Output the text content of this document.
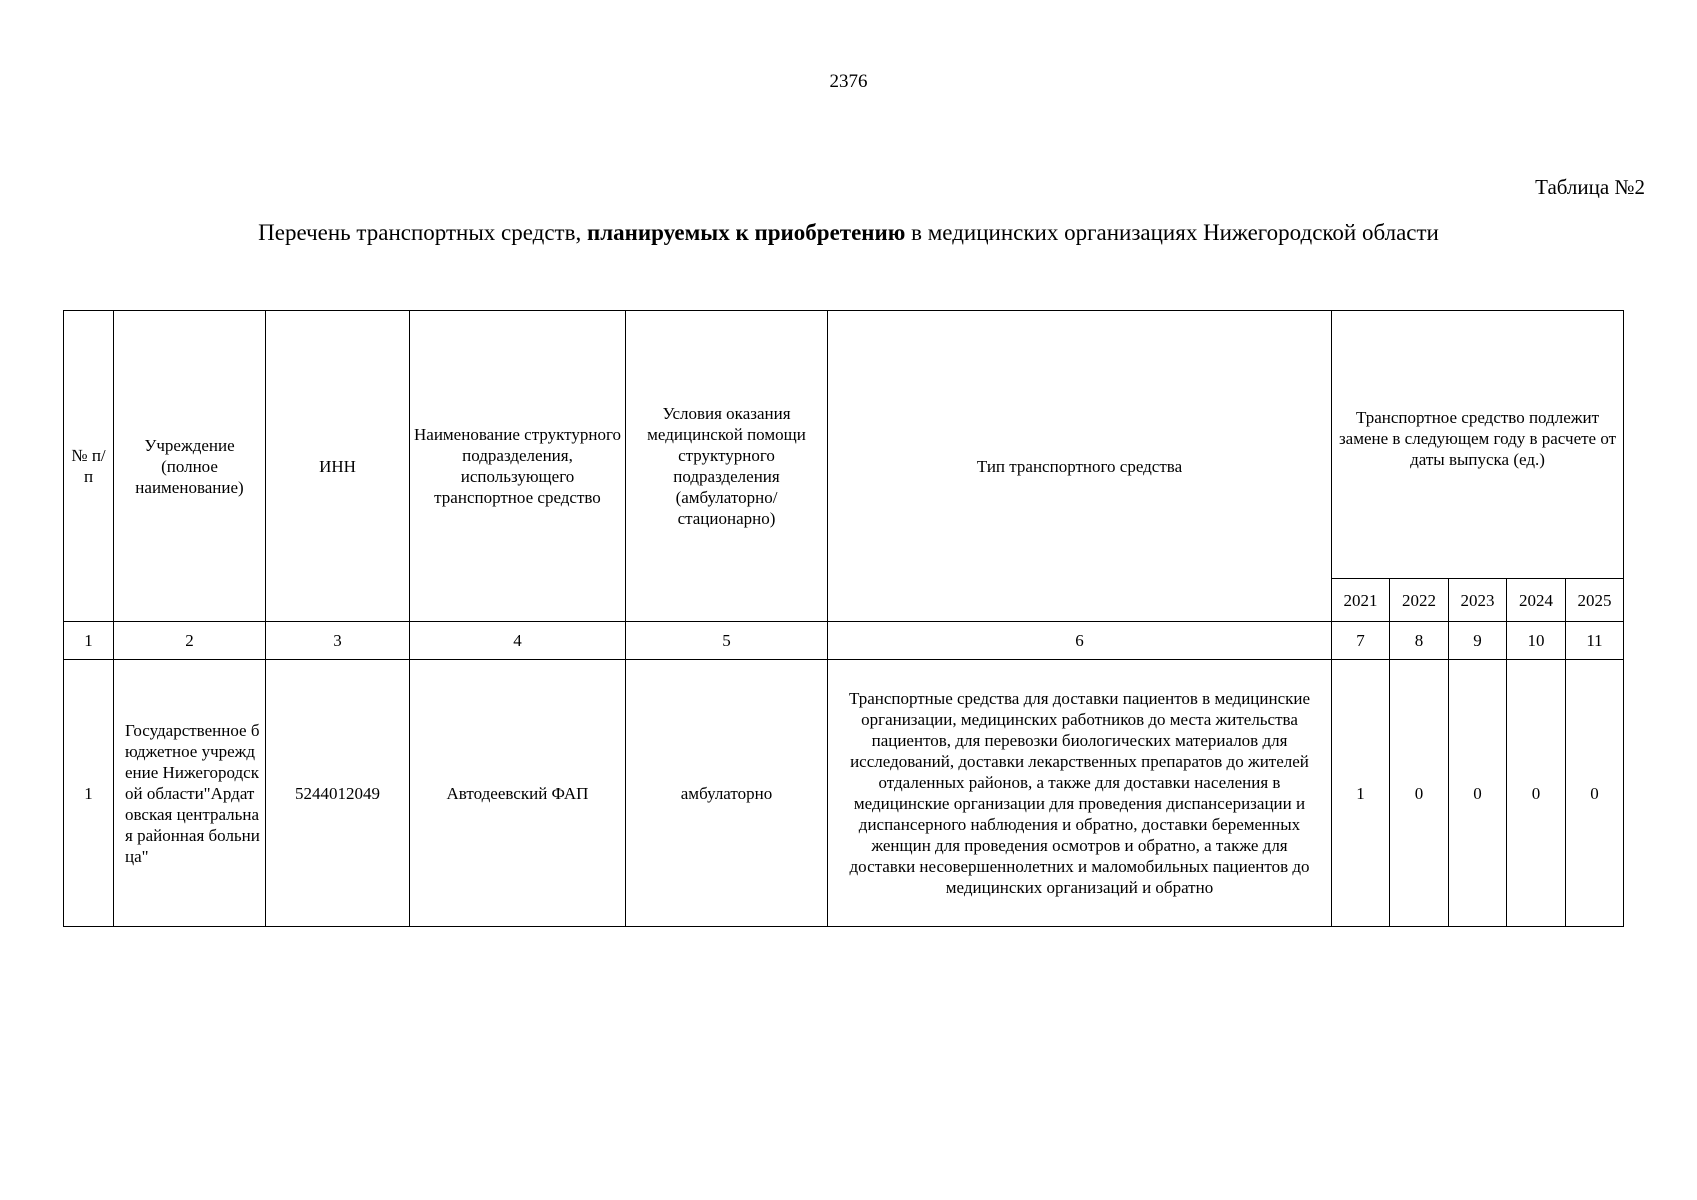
2376
Таблица №2
Перечень транспортных средств, планируемых к приобретению в медицинских организациях Нижегородской области
№ п/п	Учреждение (полное наименование)	ИНН	Наименование структурного подразделения, использующего транспортное средство	Условия оказания медицинской помощи структурного подразделения (амбулаторно/стационарно)	Тип транспортного средства	Транспортное средство подлежит замене в следующем году в расчете от даты выпуска (ед.)				
						2021	2022	2023	2024	2025
1	2	3	4	5	6	7	8	9	10	11
1	Государственное бюджетное учреждение Нижегородской области"Ардатовская центральная районная больница"	5244012049	Автодеевский ФАП	амбулаторно	Транспортные средства для доставки пациентов в медицинские организации, медицинских работников до места жительства пациентов, для перевозки биологических материалов для исследований, доставки лекарственных препаратов до жителей отдаленных районов, а также для доставки населения в медицинские организации для проведения диспансеризации и диспансерного наблюдения и обратно, доставки беременных женщин для проведения осмотров и обратно, а также для доставки несовершеннолетних и маломобильных пациентов до медицинских организаций и обратно	1	0	0	0	0
